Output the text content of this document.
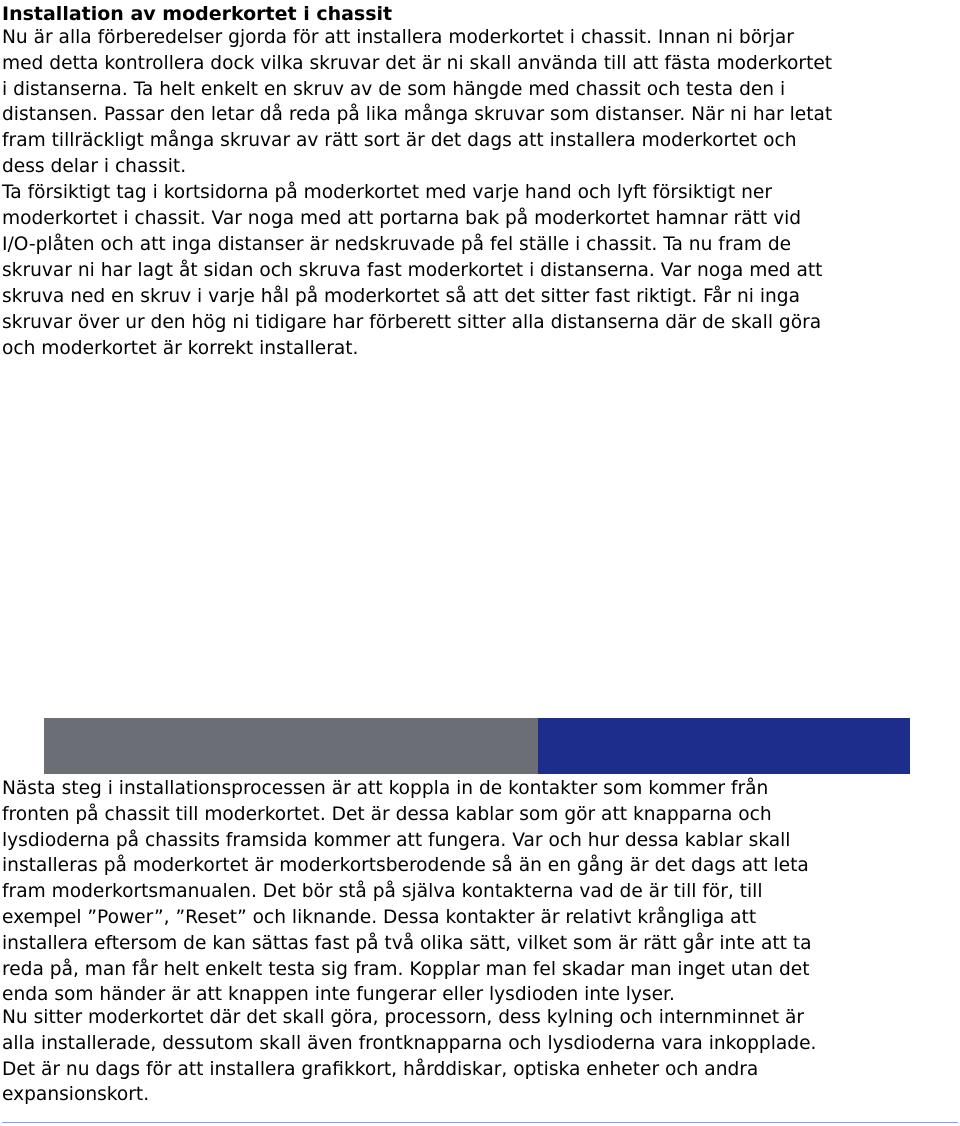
Installation av moderkortet i chassit

Nu är alla förberedelser gjorda för att installera moderkortet i chassit. Innan ni börjar
med detta kontrollera dock vilka skruvar det är ni skall använda till att fästa moderkortet
i distanserna. Ta helt enkelt en skruv av de som hängde med chassit och testa den i
distansen. Passar den letar då reda på lika många skruvar som distanser. När ni har letat
fram tillräckligt många skruvar av rätt sort är det dags att installera moderkortet och
dess delar i chassit.

Ta försiktigt tag i kortsidorna på moderkortet med varje hand och lyft försiktigt ner
moderkortet i chassit. Var noga med att portarna bak på moderkortet hamnar rätt vid
I/O-plåten och att inga distanser är nedskruvade på fel ställe i chassit. Ta nu fram de
skruvar ni har lagt åt sidan och skruva fast moderkortet i distanserna. Var noga med att
skruva ned en skruv i varje hål på moderkortet så att det sitter fast riktigt. Får ni inga
skruvar över ur den hög ni tidigare har förberett sitter alla distanserna där de skall göra
och moderkortet är korrekt installerat.

Nästa steg i installationsprocessen är att koppla in de kontakter som kommer från
fronten på chassit till moderkortet. Det är dessa kablar som gör att knapparna och
lysdioderna på chassits framsida kommer att fungera. Var och hur dessa kablar skall
installeras på moderkortet är moderkortsberodende så än en gång är det dags att leta
fram moderkortsmanualen. Det bör stå på själva kontakterna vad de är till för, till
exempel ”Power”, ”Reset” och liknande. Dessa kontakter är relativt krångliga att
installera eftersom de kan sättas fast på två olika sätt, vilket som är rätt går inte att ta
reda på, man får helt enkelt testa sig fram. Kopplar man fel skadar man inget utan det
enda som händer är att knappen inte fungerar eller lysdioden inte lyser.

Nu sitter moderkortet där det skall göra, processorn, dess kylning och internminnet är
alla installerade, dessutom skall även frontknapparna och lysdioderna vara inkopplade.
Det är nu dags för att installera grafikkort, hårddiskar, optiska enheter och andra
expansionskort.
